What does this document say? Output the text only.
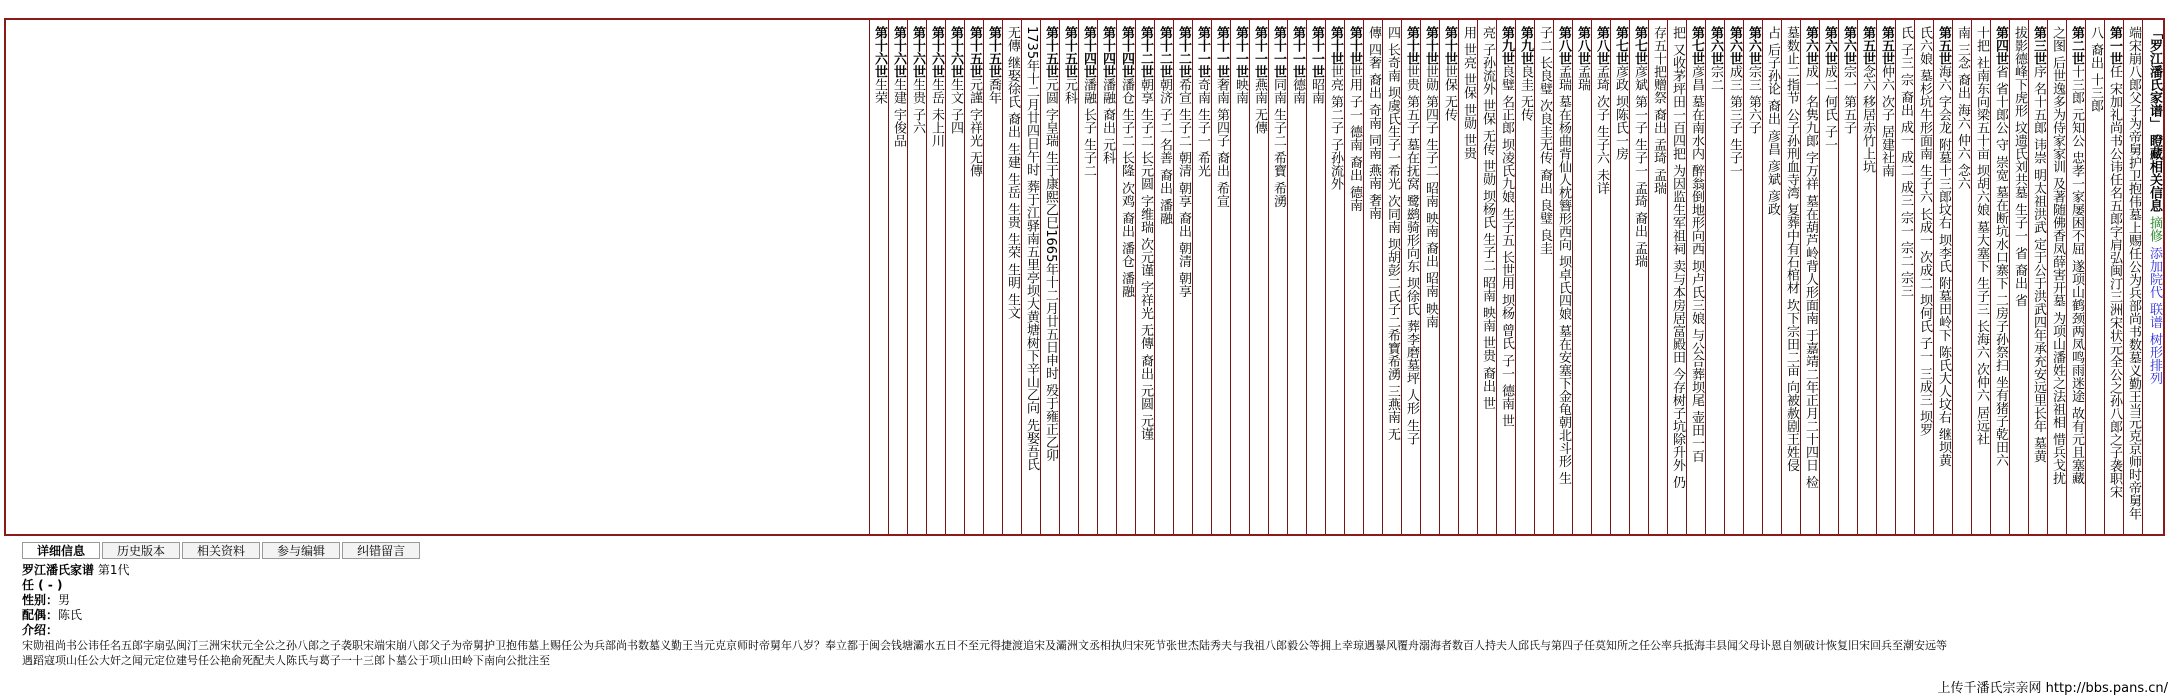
「罗江潘氏家谱」 瞪藏相关信息 摘修 添加院代 联谱 树形排列
端宋崩八郎父子为帝舅护卫抱伟墓上赐任公为兵部尚书数墓义勤王当元克京师时帝舅年
第一世任 宋加礼尚书公讳任名五郎字肩弘闽汀三洲宋状元全公之孙八郎之子袭职宋
八 裔出 十三郎
第二世十三郎 元知公 忠孝一家屡困不屈 遂项山鹤颈两凤鸣雨迷途 故有元且塞藏
之图 后世逸多为侍家家训 及著随佛香凤薛害开墓 为项山潘姓之法祖相 惜兵戈扰
第三世序 名十五郎 讳崇 明太祖洪武 定于公于洪武四年承充安远里长年 墓黄
拔影德峰下虎形 坟遗氏刘共墓 生子一 省 裔出 省
第四世省 省十郎公 守 崇宽 墓在断坑水口寨下 二房子孙祭扫 坐有猪子乾田六
十把 社南东向梁五十亩 坝胡六娘 墓大塞下 生子三 长海六 次仲六 居远社
南 三念 裔出 海六 仲六 念六
第五世海六 字会龙 附墓十三郎坟右 坝李氏 附墓田岭下 陈氏大人坟右 继坝黄
氏六娘 墓杉坑牛形面南 生子六 长成一 次成二 坝何氏 子一 三成三 坝罗
氏 子三 宗 裔出 成一 成二 成三 宗一 宗二 宗三
第五世仲六 次子 居建社南
第五世念六 移居赤竹上坑
第六世宗一 第五子
第六世成二 何氏 子一
第六世成一 名隽九郎 字万祥 墓在葫芦岭背人形面南 于嘉靖二年正月二十四日 检
墓数止二指节 公子孙刑血寺湾 复葬中有石棺材 坎下宗田二亩 向被赦剧王姓侵
占 后子孙论 裔出 彦昌 彦斌 彦政
第六世宗三 第六子
第六世成三 第三子 生子一
第六世宗二
第七世彦昌 墓在南水内 醉翁倒地形向西 坝卢氏三娘 与公合葬坝尾 壶田一百
把 又收茅坪田一百四把 为因监生军祖祠 卖与本房居富殿田 今存树子坑除升外 仍
存五十把赠祭 裔出 孟琦 孟瑞
第七世彦斌 第一子 生子一 孟琦 裔出 孟瑞
第七世彦政 坝陈氏一房
第八世孟琦 次子 生子六 未详
第八世孟瑞
第八世孟瑞 墓在杨曲背仙人枕簪形西向 坝卓氏四娘 墓在安塞下金龟朝北斗形 生
子二 长良璧 次良圭无传 裔出 良璧 良圭
第九世良圭 无传
第九世良璧 名正郎 坝凌氏九娘 生子五 长世用 坝杨 曾氏 子一 德南 世
亮 子孙流外 世保 无传 世勋 坝杨氏 生子二 昭南 映南 世贵 裔出 世
用 世亮 世保 世勋 世贵
第十世世保 无传
第十世世勋 第四子 生子二 昭南 映南 裔出 昭南 映南
第十世世贵 第五子 墓在抚窝 鹭鹚骑形向东 坝徐氏 葬李磨墓坪 人形 生子
四 长奇南 坝虞氏生子一希光 次同南 坝胡彭二氏子二希寶希湧 三燕南 无
傳 四奢 裔出 奇南 同南 燕南 奢南
第十世世用 子一 德南 裔出 德南
第十世世亮 第二子 子孙流外
第十一世昭南
第十一世德南
第十一世同南 生子二 希寶 希湧
第十一世燕南 无傳
第十一世映南
第十一世奢南 第四子 裔出 希宣
第十一世奇南 生子一 希光
第十二世希宣 生子二 朝清 朝享 裔出 朝清 朝享
第十二世朝济 子二 名善 裔出 潘融
第十二世朝享 生子二 长元圆 字维瑞 次元谨 字祥光 无傳 裔出 元圆 元谨
第十四世潘仓 生子二 长隆 次鸡 裔出 潘仓 潘融
第十四世潘融 裔出 元科
第十四世潘融 长子 生子二
第十五世元科
第十五世元圆 字皇瑞 生于康熙乙巳1665年十二月廿五日申时 殁于雍正乙卯
1735年十二月廿四日午时 葬于江驿南五里亭坝大黄塘树下辛山乙向 先娶吾氏
无傳 继娶徐氏 裔出 生建 生岳 生贵 生荣 生明 生文
第十五世喬年
第十五世元謹 字祥光 无傳
第十六世生文 子四
第十六世生岳 未上川
第十六世生贵 子六
第十六世生建 宇俊品
第十六世生荣
详细信息	历史版本	相关资料	参与编辑	纠错留言
罗江潘氏家谱 第1代
任 ( - )
性别：男
配偶：陈氏
介绍：
宋勋祖尚书公讳任名五郎字扇弘闽汀三洲宋状元全公之孙八郎之子袭职宋端宋崩八郎父子为帝舅护卫抱伟墓上赐任公为兵部尚书数墓义勤王当元克京师时帝舅年八岁？奉立都于闽会钱塘灞水五日不至元得捷渡追宋及灞洲文丞相执归宋死节张世杰陆秀夫与我祖八郎毅公等拥上幸琼遇暴风覆舟溺海者数百人持夫人邱氏与第四子任莫知所之任公率兵抵海丰县闻父母讣恩自刎破计恢复旧宋回兵至潮安远等
遇蹈寇项山任公大奸之闻元定位建号任公艳俞死配夫人陈氏与葛子一十三郎卜墓公于项山田岭下南向公批注至
上传千潘氏宗亲网 http://bbs.pans.cn/
